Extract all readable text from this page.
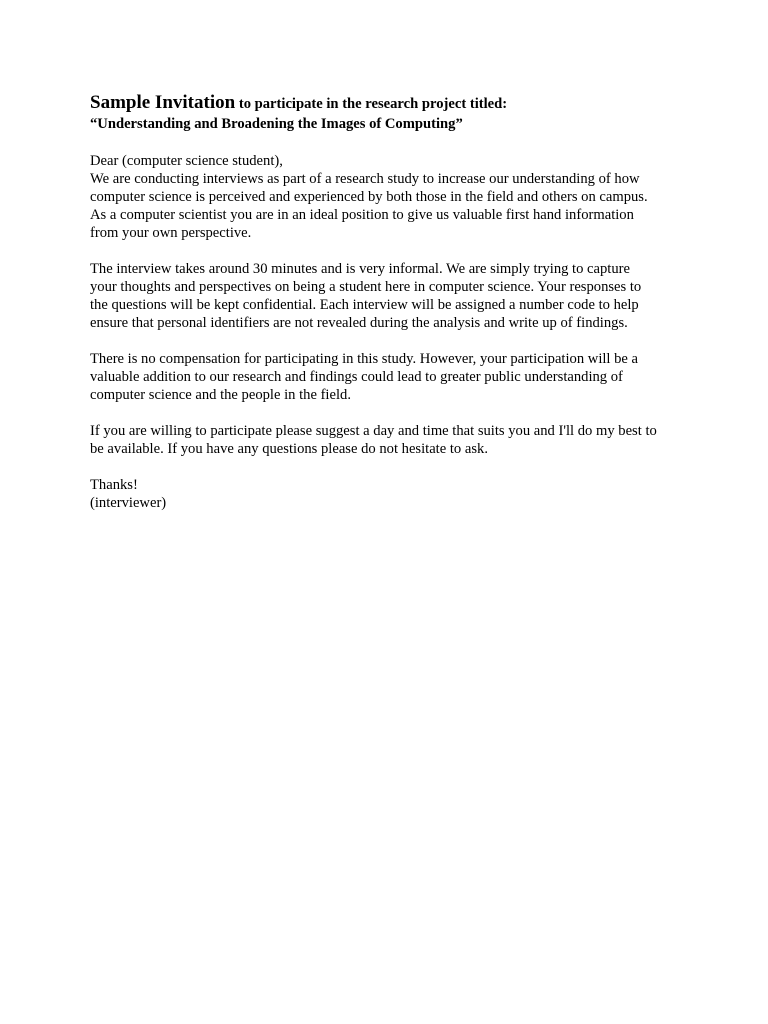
Sample Invitation to participate in the research project titled:

“Understanding and Broadening the Images of Computing”

Dear (computer science student),
We are conducting interviews as part of a research study to increase our understanding of how
computer science is perceived and experienced by both those in the field and others on campus.
As a computer scientist you are in an ideal position to give us valuable first hand information
from your own perspective.
The interview takes around 30 minutes and is very informal. We are simply trying to capture
your thoughts and perspectives on being a student here in computer science. Your responses to
the questions will be kept confidential. Each interview will be assigned a number code to help
ensure that personal identifiers are not revealed during the analysis and write up of findings.
There is no compensation for participating in this study. However, your participation will be a
valuable addition to our research and findings could lead to greater public understanding of
computer science and the people in the field.
If you are willing to participate please suggest a day and time that suits you and I'll do my best to
be available. If you have any questions please do not hesitate to ask.
Thanks!
(interviewer)
